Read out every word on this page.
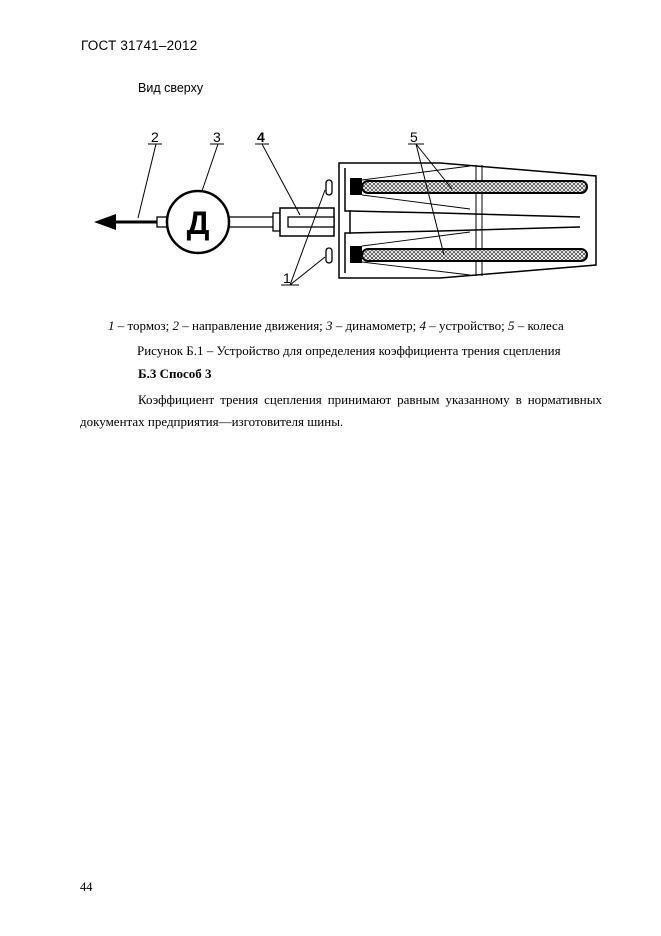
ГОСТ 31741–2012
Вид сверху
Д
1
2	3	4	5
1 – тормоз; 2 – направление движения; 3 – динамометр; 4 – устройство; 5 – колеса
Рисунок Б.1 – Устройство для определения коэффициента трения сцепления
Б.3 Способ 3

Коэффициент трения сцепления принимают равным указанному в нормативных документах предприятия—изготовителя шины.

44
